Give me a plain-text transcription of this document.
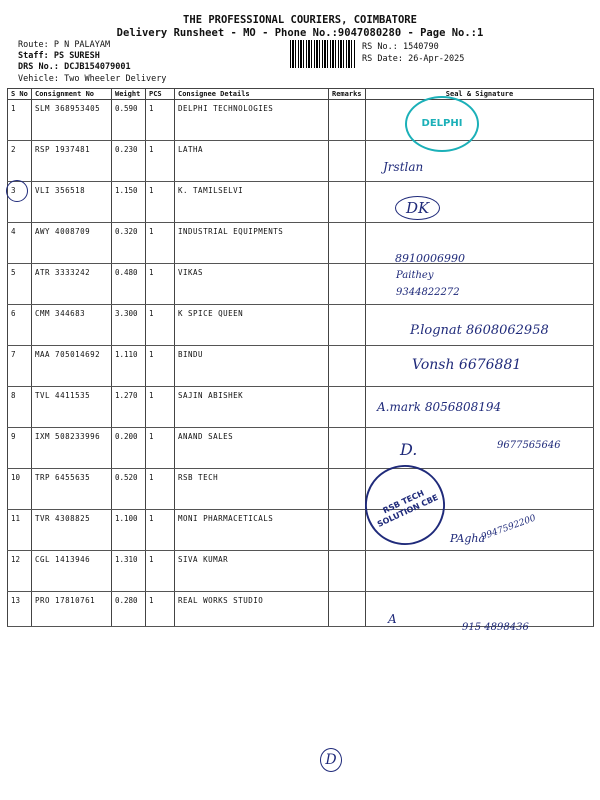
THE PROFESSIONAL COURIERS, COIMBATORE
Delivery Runsheet - MO - Phone No.:9047080280 - Page No.:1
Route: P N PALAYAM
Staff: PS SURESH
DRS No.: DCJB154079001
Vehicle: Two Wheeler Delivery
RS No.: 1540790
RS Date: 26-Apr-2025
S No	Consignment No	Weight	PCS	Consignee Details	Remarks	Seal & Signature
1	SLM 368953405	0.590	1	DELPHI TECHNOLOGIES		
2	RSP 1937481	0.230	1	LATHA		
3	VLI 356518	1.150	1	K. TAMILSELVI		
4	AWY 4008709	0.320	1	INDUSTRIAL EQUIPMENTS		
5	ATR 3333242	0.480	1	VIKAS		
6	CMM 344683	3.300	1	K SPICE QUEEN		
7	MAA 705014692	1.110	1	BINDU		
8	TVL 4411535	1.270	1	SAJIN ABISHEK		
9	IXM 508233996	0.200	1	ANAND SALES		
10	TRP 6455635	0.520	1	RSB TECH		
11	TVR 4308825	1.100	1	MONI PHARMACETICALS		
12	CGL 1413946	1.310	1	SIVA KUMAR		
13	PRO 17810761	0.280	1	REAL WORKS STUDIO		
DELPHI
RSB TECH SOLUTION CBE
Jrstlan
DK
8910006990
Paithey
9344822272
P.lognat 8608062958
Vonsh 6676881
A.mark 8056808194
D.	9677565646
PAgha
9947592200
A
915 4898436
D
